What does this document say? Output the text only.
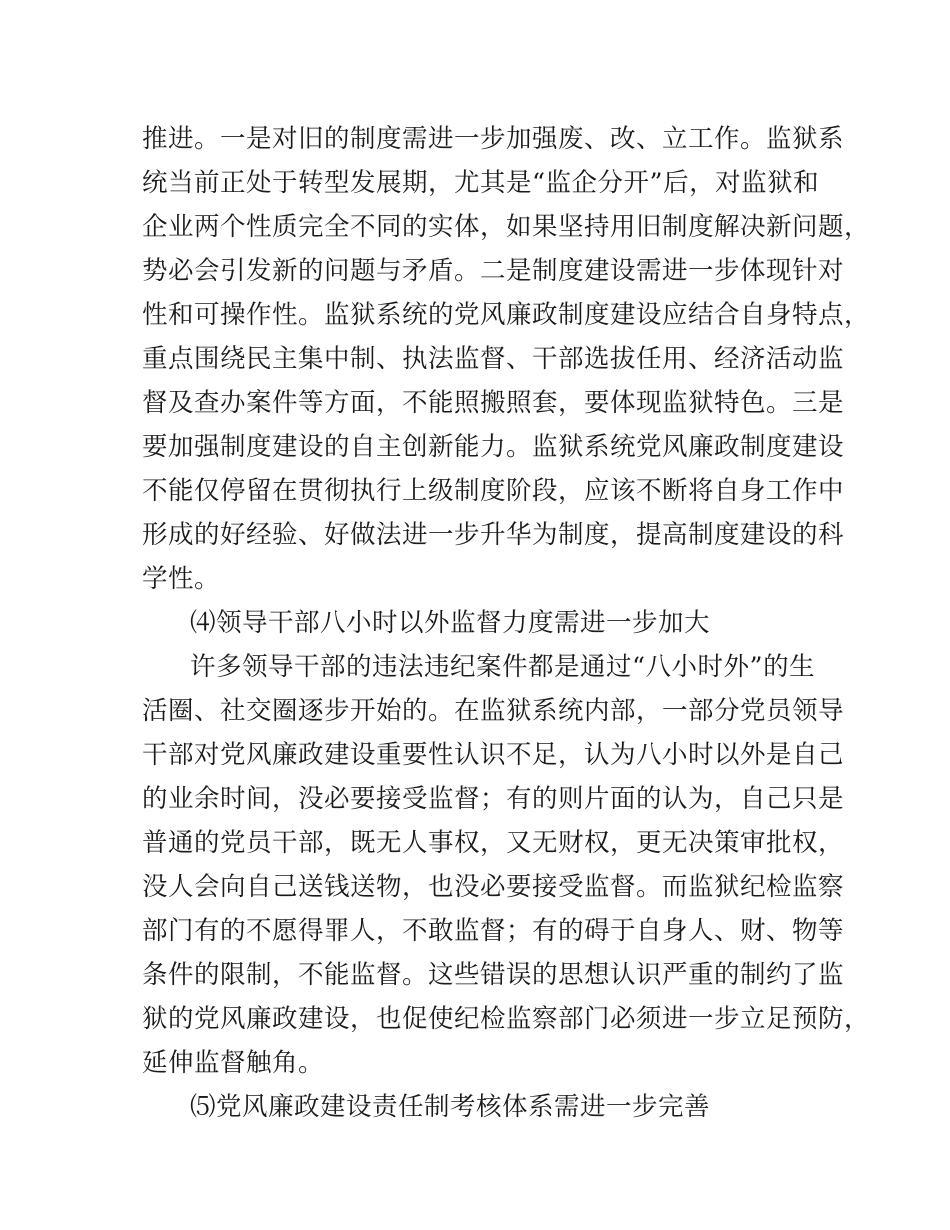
推进。一是对旧的制度需进一步加强废、改、立工作。监狱系
统当前正处于转型发展期，尤其是“监企分开”后，对监狱和
企业两个性质完全不同的实体，如果坚持用旧制度解决新问题，
势必会引发新的问题与矛盾。二是制度建设需进一步体现针对
性和可操作性。监狱系统的党风廉政制度建设应结合自身特点，
重点围绕民主集中制、执法监督、干部选拔任用、经济活动监
督及查办案件等方面，不能照搬照套，要体现监狱特色。三是
要加强制度建设的自主创新能力。监狱系统党风廉政制度建设
不能仅停留在贯彻执行上级制度阶段，应该不断将自身工作中
形成的好经验、好做法进一步升华为制度，提高制度建设的科
学性。
⑷领导干部八小时以外监督力度需进一步加大
许多领导干部的违法违纪案件都是通过“八小时外”的生
活圈、社交圈逐步开始的。在监狱系统内部，一部分党员领导
干部对党风廉政建设重要性认识不足，认为八小时以外是自己
的业余时间，没必要接受监督；有的则片面的认为，自己只是
普通的党员干部，既无人事权，又无财权，更无决策审批权，
没人会向自己送钱送物，也没必要接受监督。而监狱纪检监察
部门有的不愿得罪人，不敢监督；有的碍于自身人、财、物等
条件的限制，不能监督。这些错误的思想认识严重的制约了监
狱的党风廉政建设，也促使纪检监察部门必须进一步立足预防，
延伸监督触角。
⑸党风廉政建设责任制考核体系需进一步完善
